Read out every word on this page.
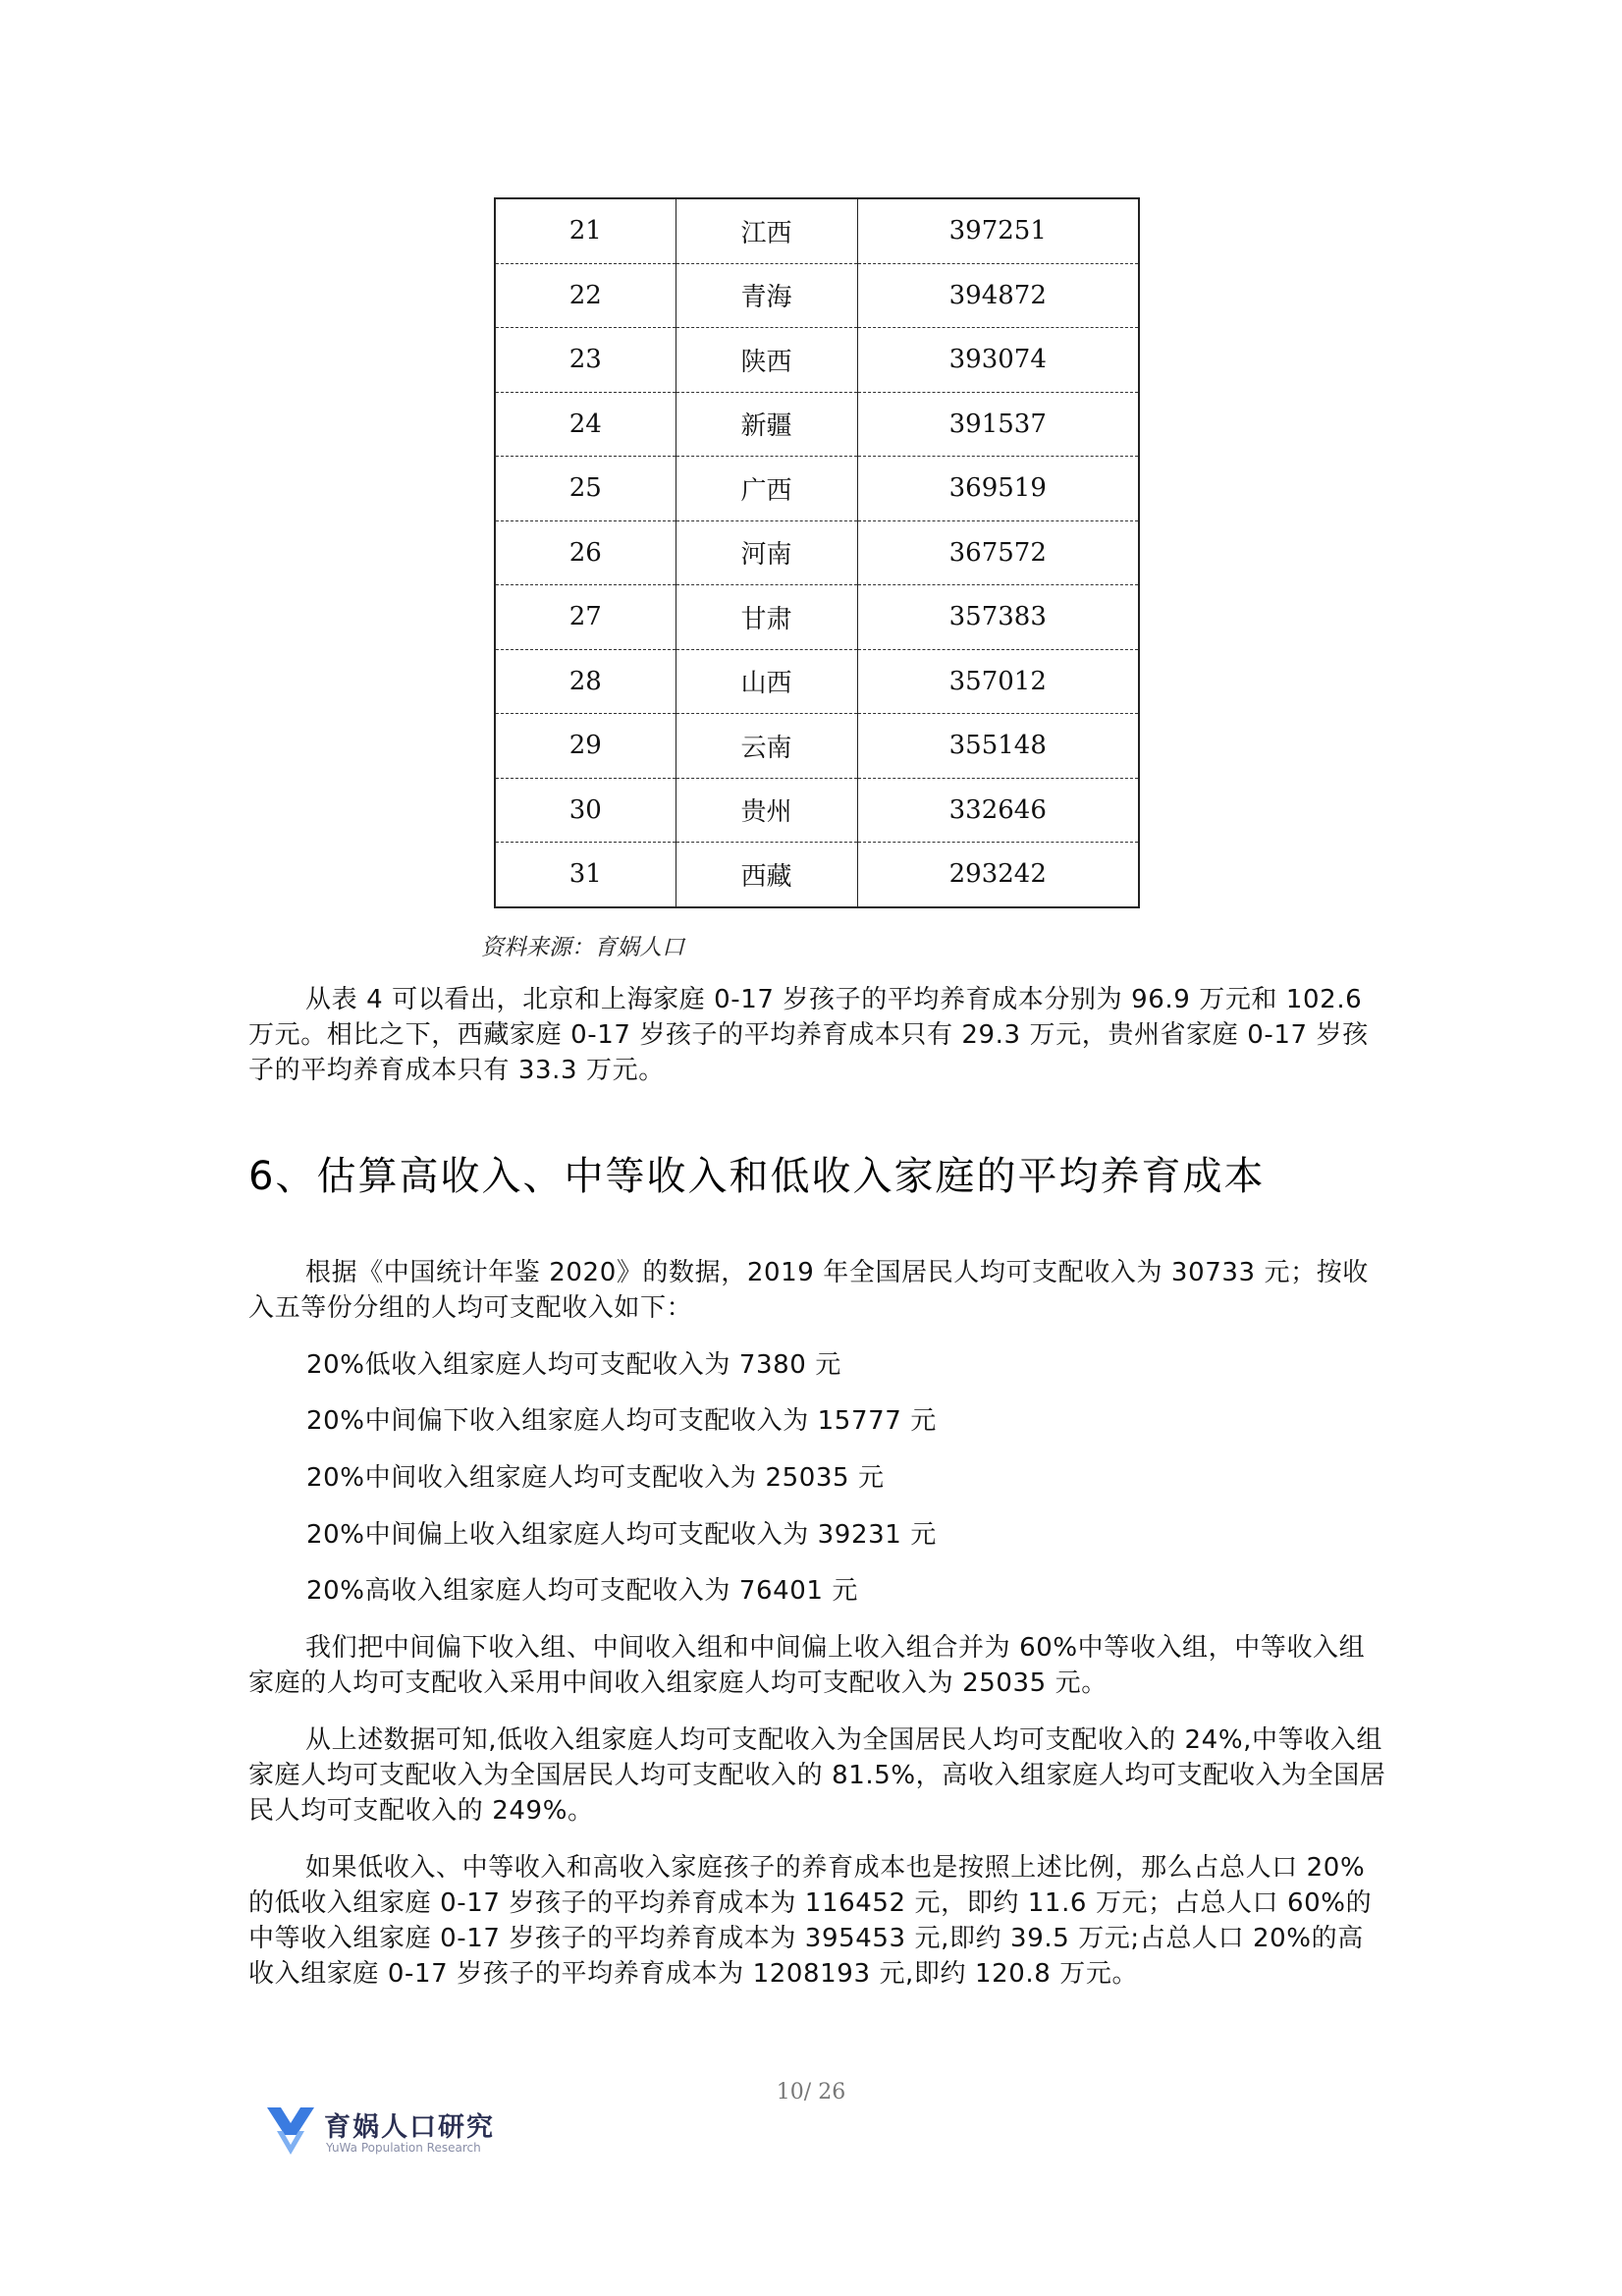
21	江西	397251
22	青海	394872
23	陕西	393074
24	新疆	391537
25	广西	369519
26	河南	367572
27	甘肃	357383
28	山西	357012
29	云南	355148
30	贵州	332646
31	西藏	293242
资料来源：育娲人口

从表 4 可以看出，北京和上海家庭 0-17 岁孩子的平均养育成本分别为 96.9 万元和 102.6 万元。相比之下，西藏家庭 0-17 岁孩子的平均养育成本只有 29.3 万元，贵州省家庭 0-17 岁孩子的平均养育成本只有 33.3 万元。

6、估算高收入、中等收入和低收入家庭的平均养育成本

根据《中国统计年鉴 2020》的数据，2019 年全国居民人均可支配收入为 30733 元；按收入五等份分组的人均可支配收入如下：

20%低收入组家庭人均可支配收入为 7380 元
20%中间偏下收入组家庭人均可支配收入为 15777 元
20%中间收入组家庭人均可支配收入为 25035 元
20%中间偏上收入组家庭人均可支配收入为 39231 元
20%高收入组家庭人均可支配收入为 76401 元

我们把中间偏下收入组、中间收入组和中间偏上收入组合并为 60%中等收入组，中等收入组家庭的人均可支配收入采用中间收入组家庭人均可支配收入为 25035 元。

从上述数据可知,低收入组家庭人均可支配收入为全国居民人均可支配收入的 24%,中等收入组家庭人均可支配收入为全国居民人均可支配收入的 81.5%，高收入组家庭人均可支配收入为全国居民人均可支配收入的 249%。

如果低收入、中等收入和高收入家庭孩子的养育成本也是按照上述比例，那么占总人口 20%的低收入组家庭 0-17 岁孩子的平均养育成本为 116452 元，即约 11.6 万元；占总人口 60%的中等收入组家庭 0-17 岁孩子的平均养育成本为 395453 元,即约 39.5 万元;占总人口 20%的高收入组家庭 0-17 岁孩子的平均养育成本为 1208193 元,即约 120.8 万元。

10/ 26
育娲人口研究
YuWa Population Research
